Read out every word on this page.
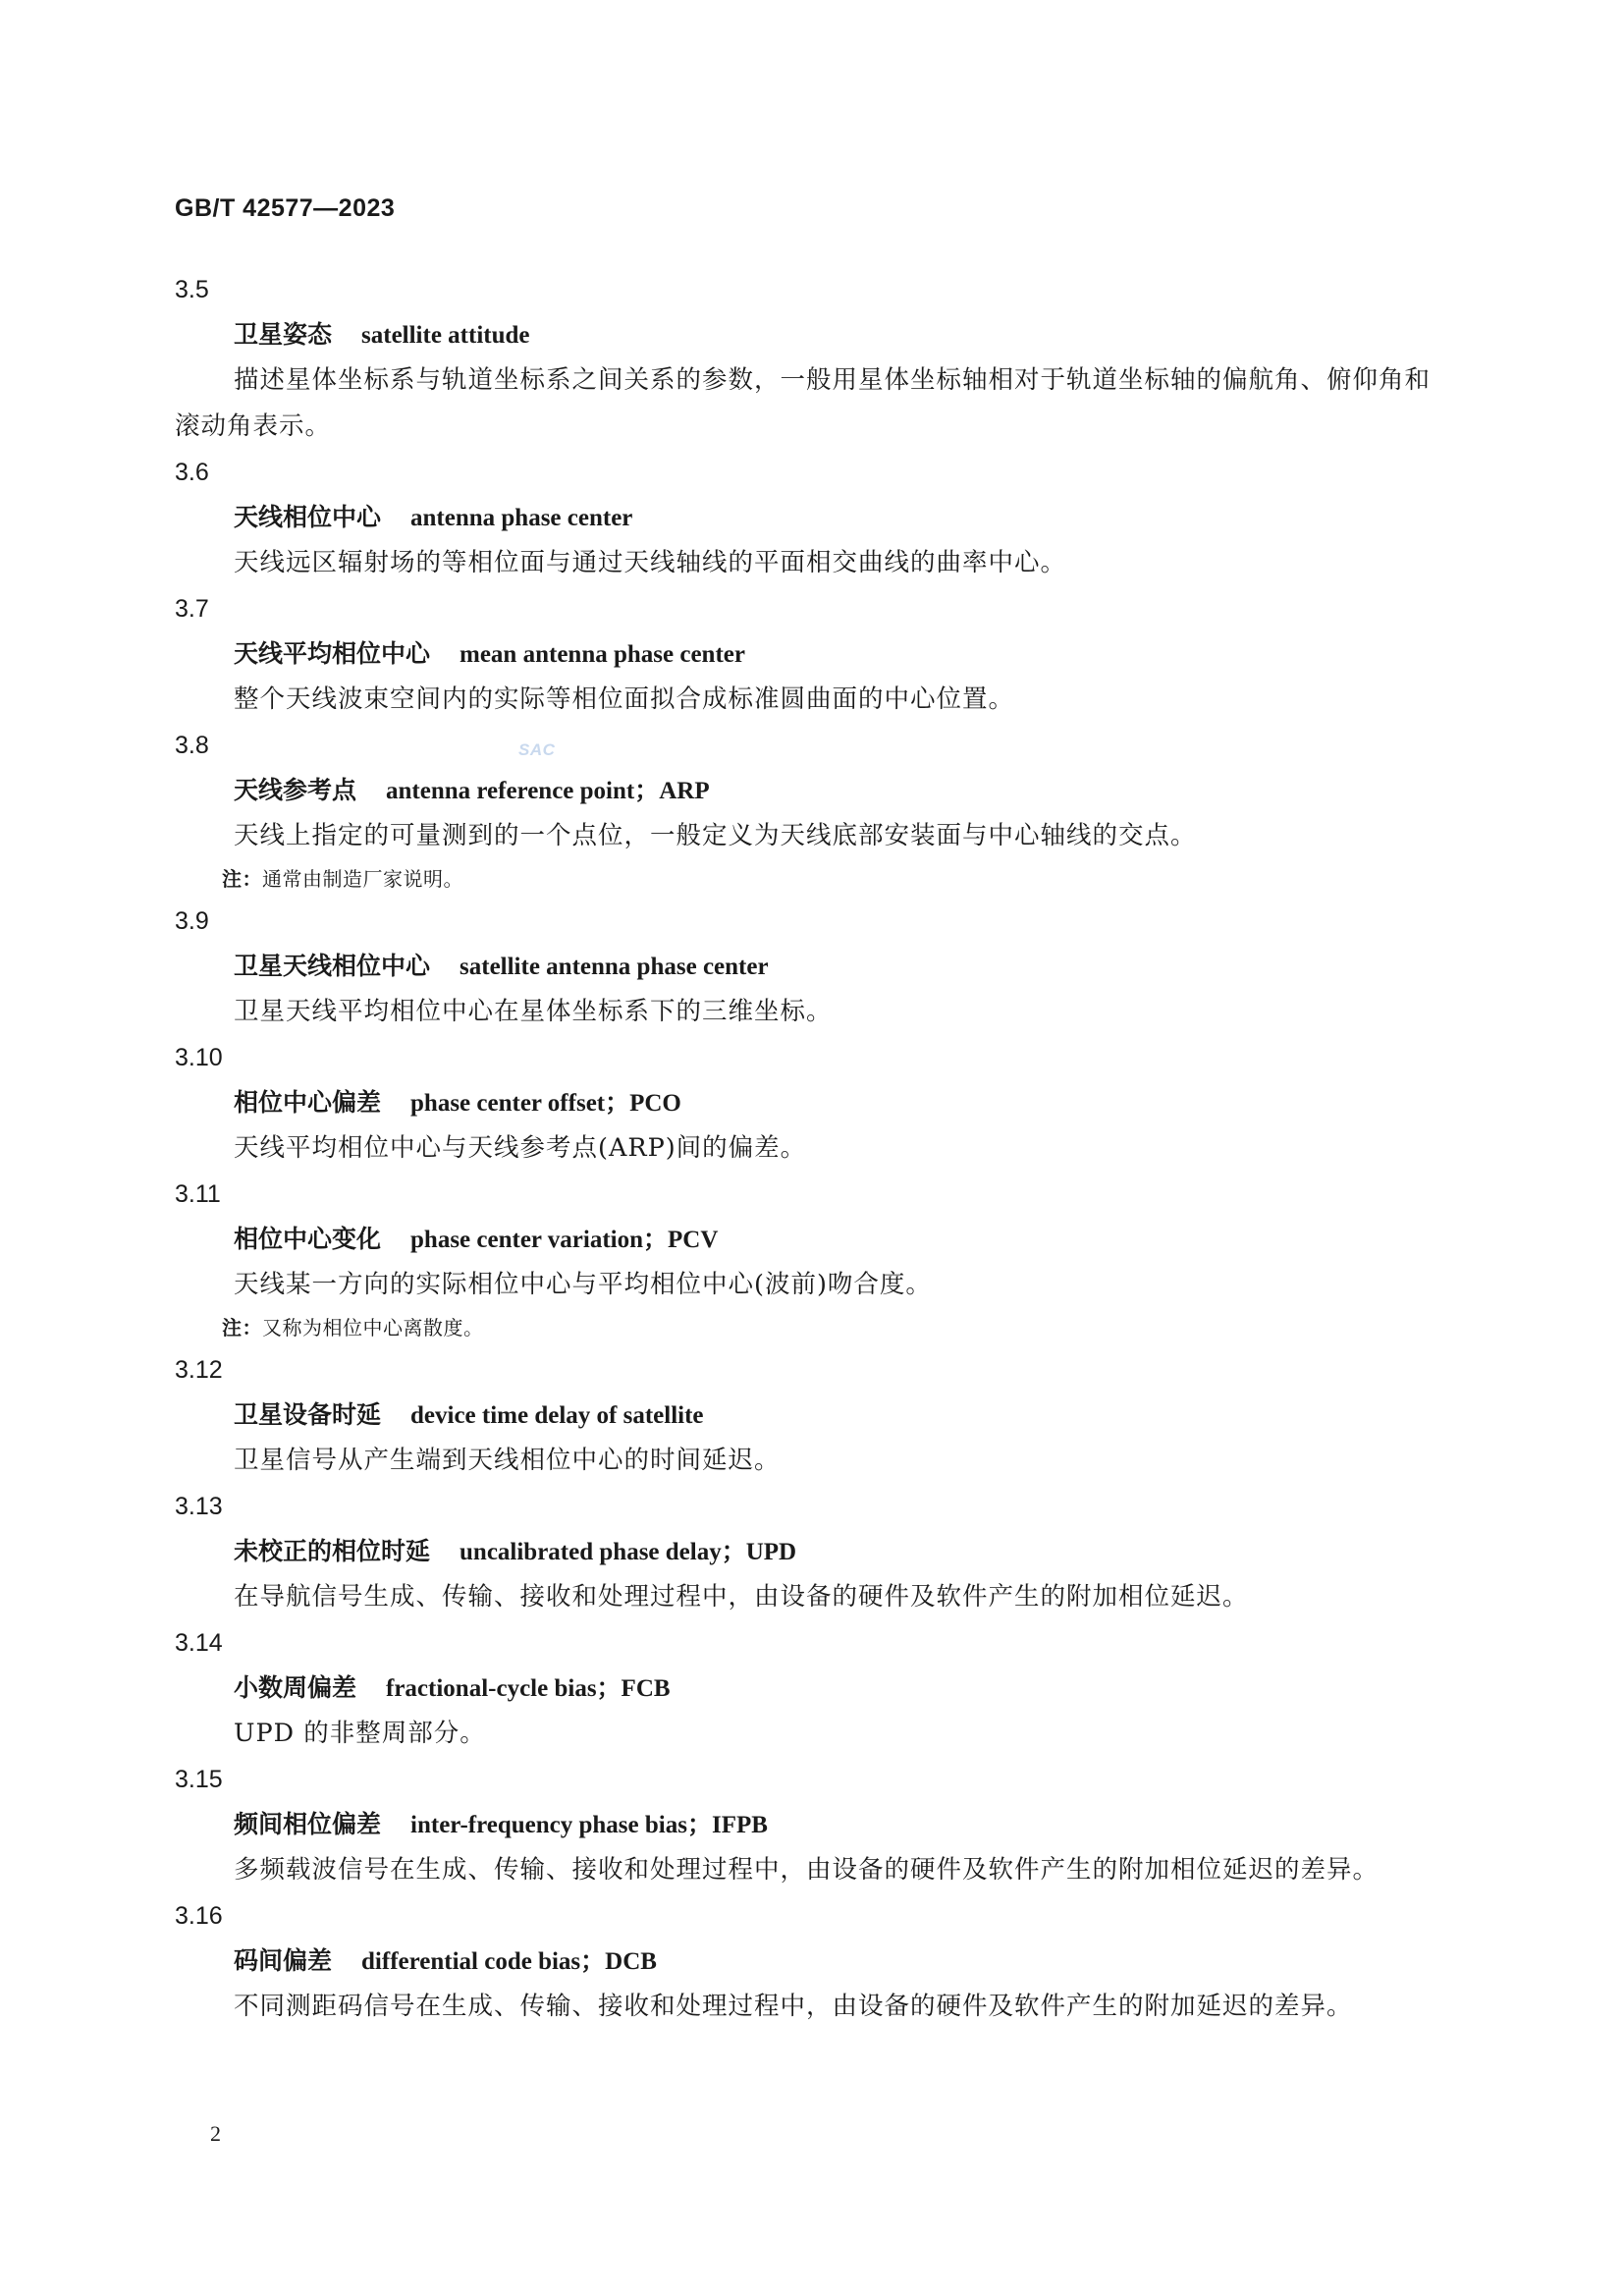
GB/T 42577—2023
SAC
3.5
卫星姿态 satellite attitude
描述星体坐标系与轨道坐标系之间关系的参数，一般用星体坐标轴相对于轨道坐标轴的偏航角、俯仰角和滚动角表示。
3.6
天线相位中心 antenna phase center
天线远区辐射场的等相位面与通过天线轴线的平面相交曲线的曲率中心。
3.7
天线平均相位中心 mean antenna phase center
整个天线波束空间内的实际等相位面拟合成标准圆曲面的中心位置。
3.8
天线参考点 antenna reference point；ARP
天线上指定的可量测到的一个点位，一般定义为天线底部安装面与中心轴线的交点。
注：通常由制造厂家说明。
3.9
卫星天线相位中心 satellite antenna phase center
卫星天线平均相位中心在星体坐标系下的三维坐标。
3.10
相位中心偏差 phase center offset；PCO
天线平均相位中心与天线参考点(ARP)间的偏差。
3.11
相位中心变化 phase center variation；PCV
天线某一方向的实际相位中心与平均相位中心(波前)吻合度。
注：又称为相位中心离散度。
3.12
卫星设备时延 device time delay of satellite
卫星信号从产生端到天线相位中心的时间延迟。
3.13
未校正的相位时延 uncalibrated phase delay；UPD
在导航信号生成、传输、接收和处理过程中，由设备的硬件及软件产生的附加相位延迟。
3.14
小数周偏差 fractional-cycle bias；FCB
UPD 的非整周部分。
3.15
频间相位偏差 inter-frequency phase bias；IFPB
多频载波信号在生成、传输、接收和处理过程中，由设备的硬件及软件产生的附加相位延迟的差异。
3.16
码间偏差 differential code bias；DCB
不同测距码信号在生成、传输、接收和处理过程中，由设备的硬件及软件产生的附加延迟的差异。
2
